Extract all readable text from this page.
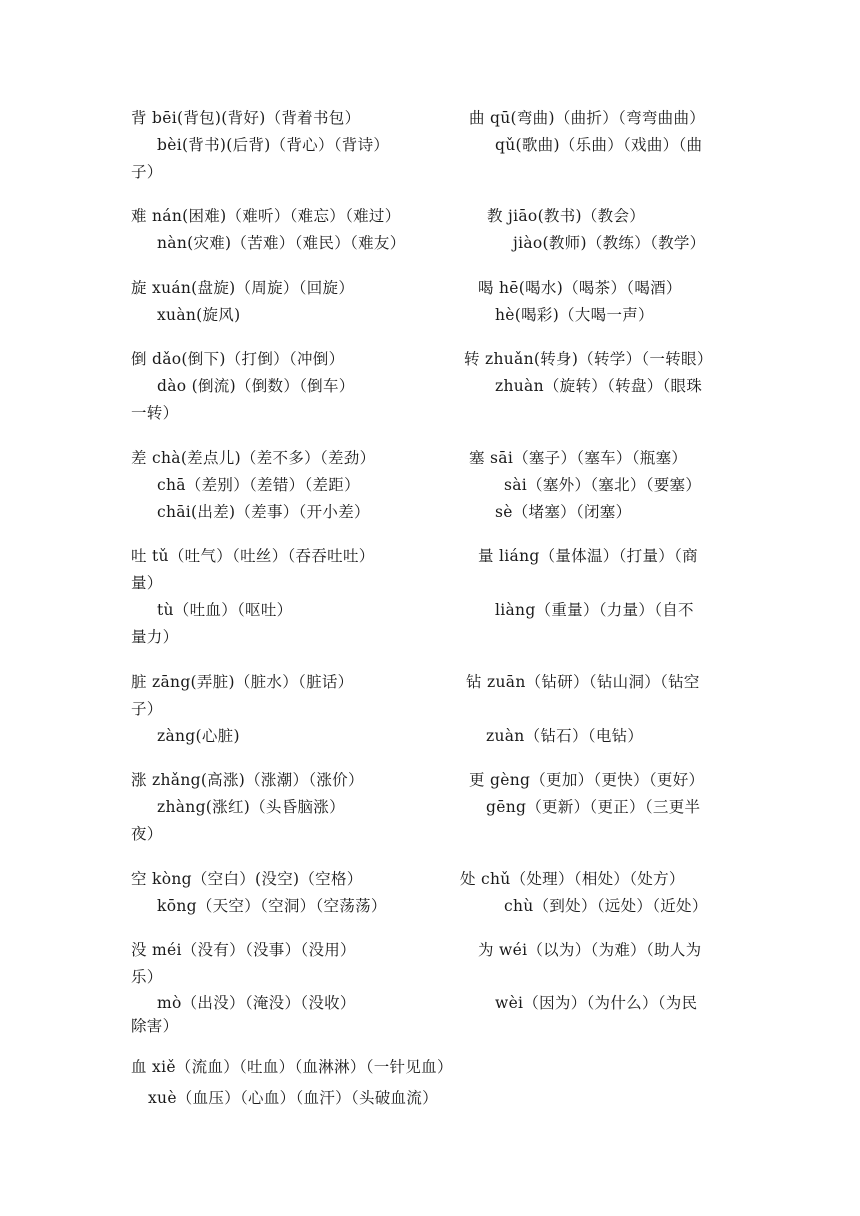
背 bēi(背包)(背好)（背着书包）	曲 qū(弯曲)（曲折）（弯弯曲曲）
bèi(背书)(后背)（背心）（背诗）	qǔ(歌曲)（乐曲）（戏曲）（曲
子）
难 nán(困难)（难听）（难忘）（难过）	教 jiāo(教书)（教会）
nàn(灾难)（苦难）（难民）（难友）	jiào(教师)（教练）（教学）
旋 xuán(盘旋)（周旋）（回旋）	喝 hē(喝水)（喝茶）（喝酒）
xuàn(旋风)	hè(喝彩)（大喝一声）
倒 dǎo(倒下)（打倒）（冲倒）	转 zhuǎn(转身)（转学）（一转眼）
dào (倒流)（倒数）（倒车）	zhuàn（旋转）（转盘）（眼珠
一转）
差 chà(差点儿)（差不多）（差劲）	塞 sāi（塞子）（塞车）（瓶塞）
chā（差别）（差错）（差距）	sài（塞外）（塞北）（要塞）
chāi(出差)（差事）（开小差）	sè（堵塞）（闭塞）
吐 tǔ（吐气）（吐丝）（吞吞吐吐）	量 liáng（量体温）（打量）（商
量）
tù（吐血）（呕吐）	liàng（重量）（力量）（自不
量力）
脏 zāng(弄脏)（脏水）（脏话）	钻 zuān（钻研）（钻山洞）（钻空
子）
zàng(心脏)	zuàn（钻石）（电钻）
涨 zhǎng(高涨)（涨潮）（涨价）	更 gèng（更加）（更快）（更好）
zhàng(涨红)（头昏脑涨）	gēng（更新）（更正）（三更半
夜）
空 kòng（空白）(没空)（空格）	处 chǔ（处理）（相处）（处方）
kōng（天空）（空洞）（空荡荡）	chù（到处）（远处）（近处）
没 méi（没有）（没事）（没用）	为 wéi（以为）（为难）（助人为
乐）
mò（出没）（淹没）（没收）	wèi（因为）（为什么）（为民
除害）
血 xiě（流血）（吐血）（血淋淋）（一针见血）
xuè（血压）（心血）（血汗）（头破血流）
